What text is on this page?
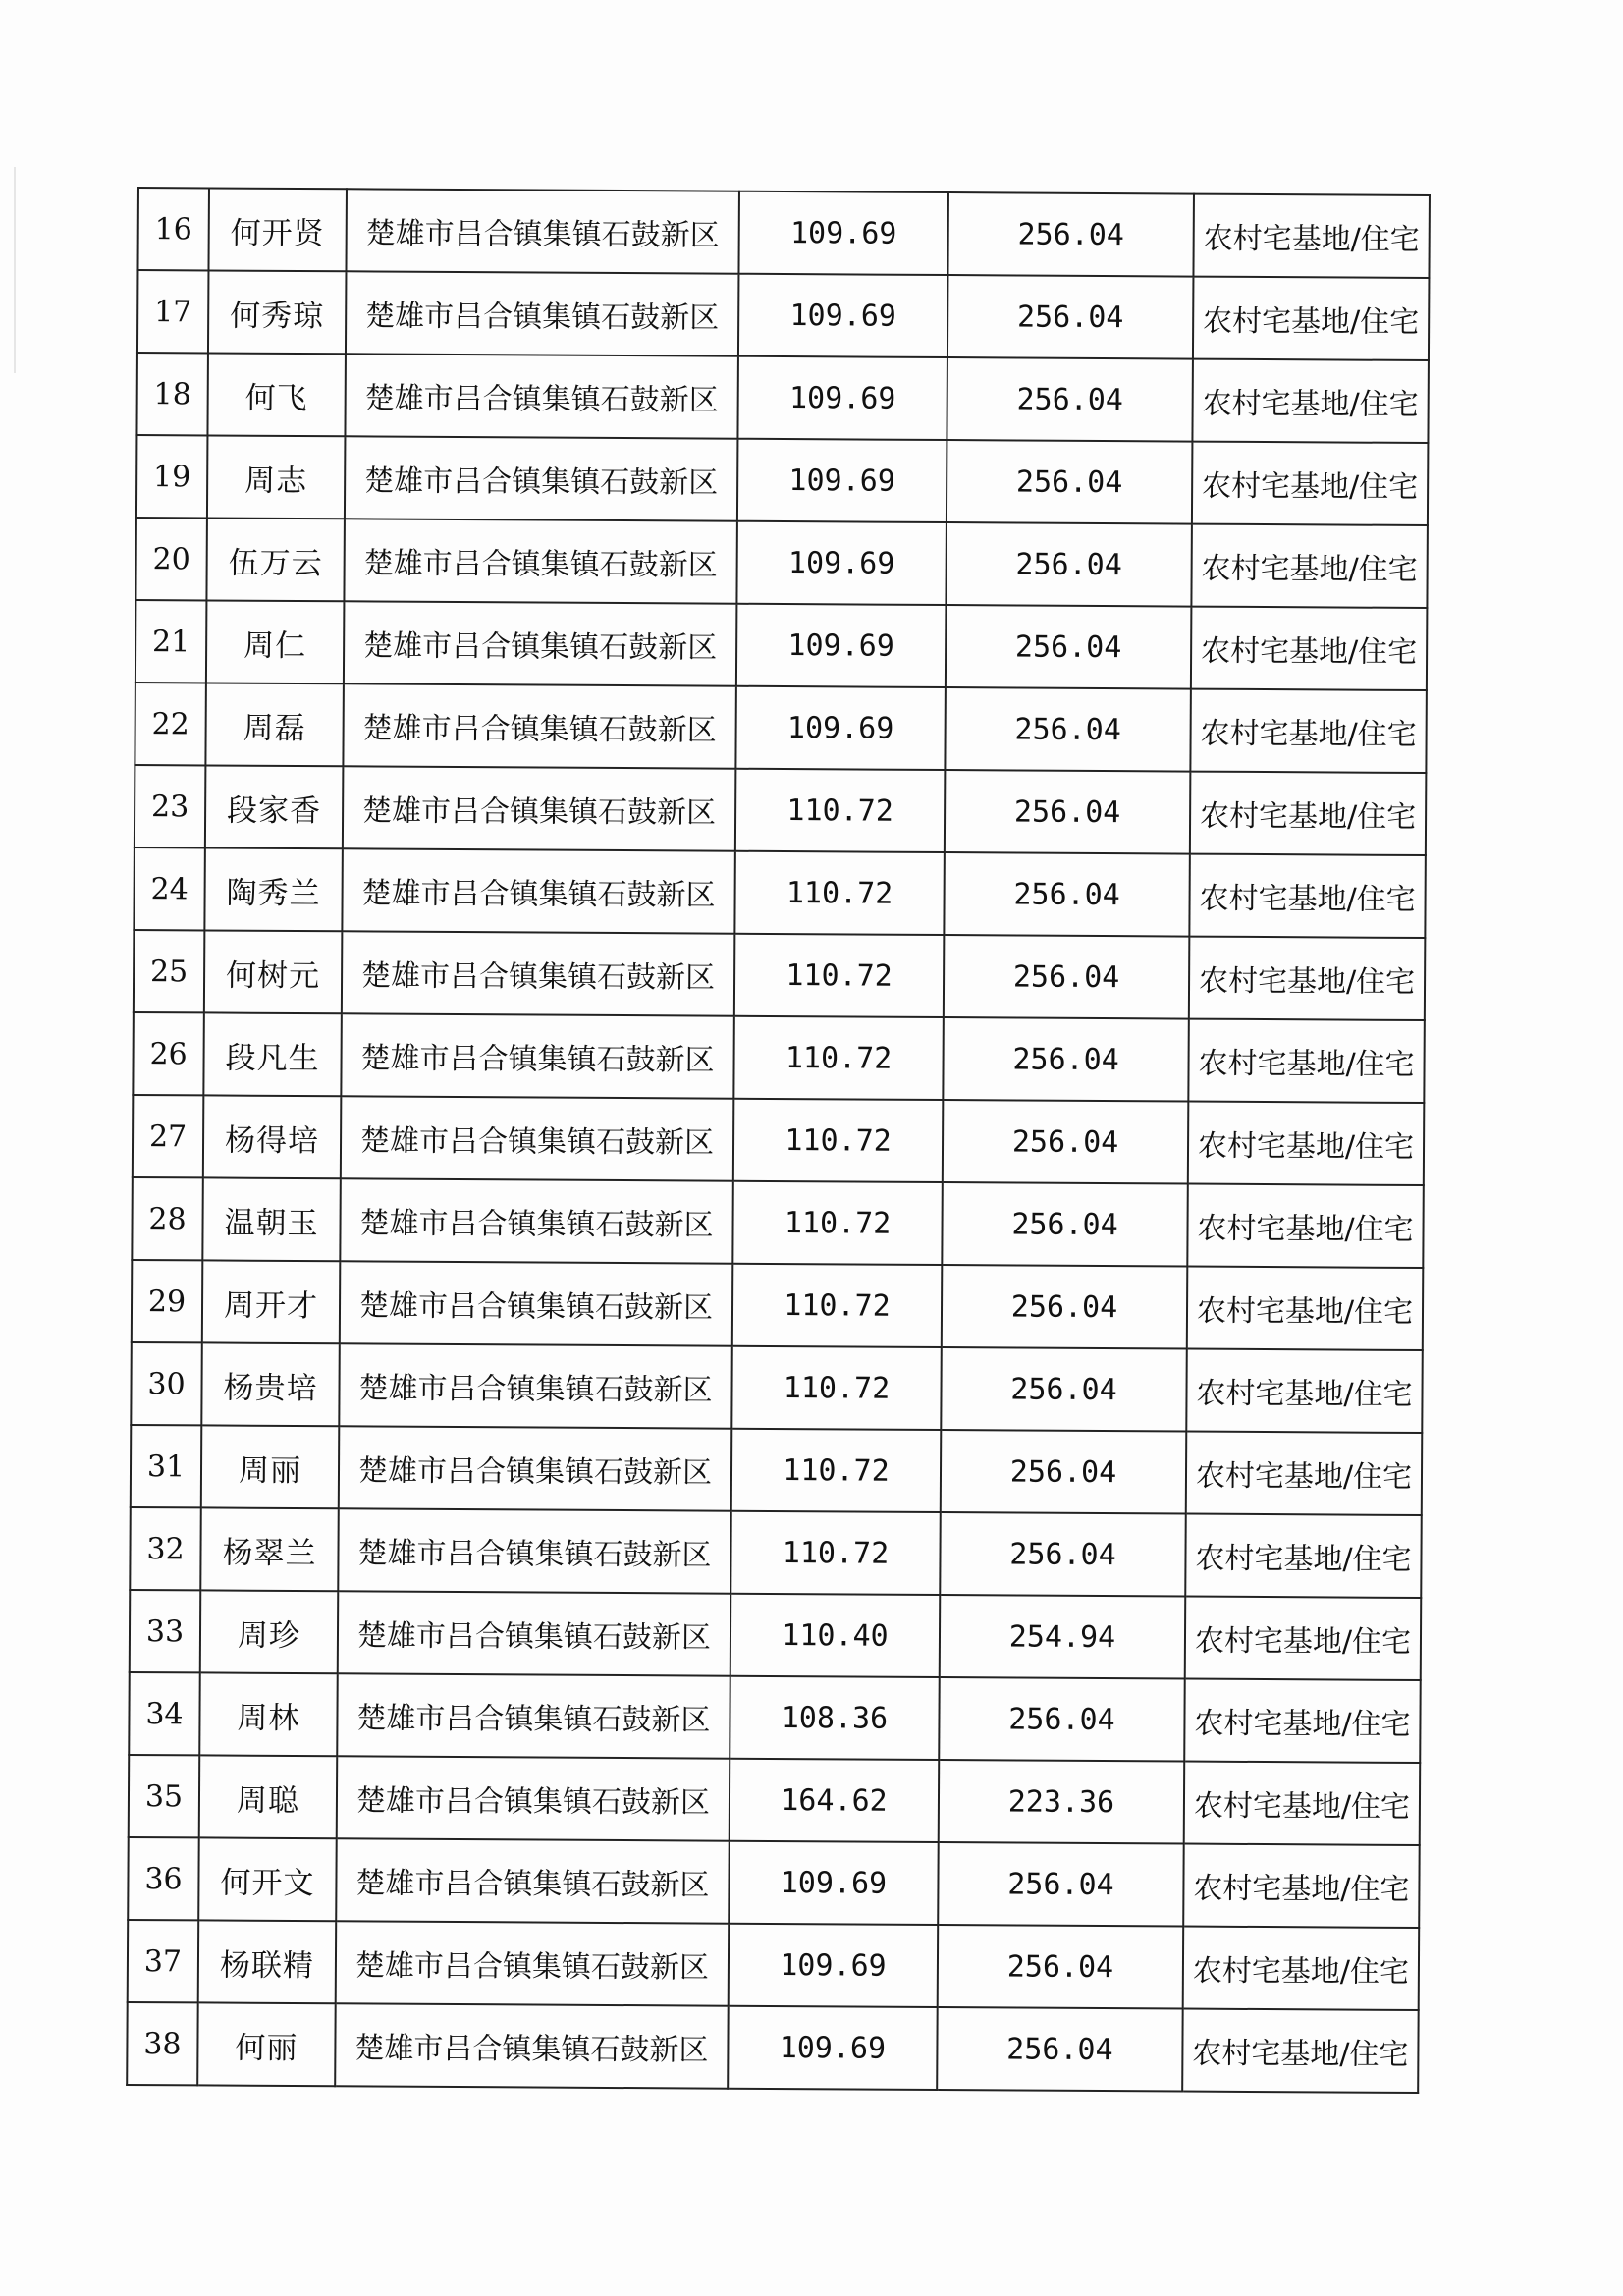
16	何开贤	楚雄市吕合镇集镇石鼓新区	109.69	256.04	农村宅基地/住宅
17	何秀琼	楚雄市吕合镇集镇石鼓新区	109.69	256.04	农村宅基地/住宅
18	何飞	楚雄市吕合镇集镇石鼓新区	109.69	256.04	农村宅基地/住宅
19	周志	楚雄市吕合镇集镇石鼓新区	109.69	256.04	农村宅基地/住宅
20	伍万云	楚雄市吕合镇集镇石鼓新区	109.69	256.04	农村宅基地/住宅
21	周仁	楚雄市吕合镇集镇石鼓新区	109.69	256.04	农村宅基地/住宅
22	周磊	楚雄市吕合镇集镇石鼓新区	109.69	256.04	农村宅基地/住宅
23	段家香	楚雄市吕合镇集镇石鼓新区	110.72	256.04	农村宅基地/住宅
24	陶秀兰	楚雄市吕合镇集镇石鼓新区	110.72	256.04	农村宅基地/住宅
25	何树元	楚雄市吕合镇集镇石鼓新区	110.72	256.04	农村宅基地/住宅
26	段凡生	楚雄市吕合镇集镇石鼓新区	110.72	256.04	农村宅基地/住宅
27	杨得培	楚雄市吕合镇集镇石鼓新区	110.72	256.04	农村宅基地/住宅
28	温朝玉	楚雄市吕合镇集镇石鼓新区	110.72	256.04	农村宅基地/住宅
29	周开才	楚雄市吕合镇集镇石鼓新区	110.72	256.04	农村宅基地/住宅
30	杨贵培	楚雄市吕合镇集镇石鼓新区	110.72	256.04	农村宅基地/住宅
31	周丽	楚雄市吕合镇集镇石鼓新区	110.72	256.04	农村宅基地/住宅
32	杨翠兰	楚雄市吕合镇集镇石鼓新区	110.72	256.04	农村宅基地/住宅
33	周珍	楚雄市吕合镇集镇石鼓新区	110.40	254.94	农村宅基地/住宅
34	周林	楚雄市吕合镇集镇石鼓新区	108.36	256.04	农村宅基地/住宅
35	周聪	楚雄市吕合镇集镇石鼓新区	164.62	223.36	农村宅基地/住宅
36	何开文	楚雄市吕合镇集镇石鼓新区	109.69	256.04	农村宅基地/住宅
37	杨联精	楚雄市吕合镇集镇石鼓新区	109.69	256.04	农村宅基地/住宅
38	何丽	楚雄市吕合镇集镇石鼓新区	109.69	256.04	农村宅基地/住宅
